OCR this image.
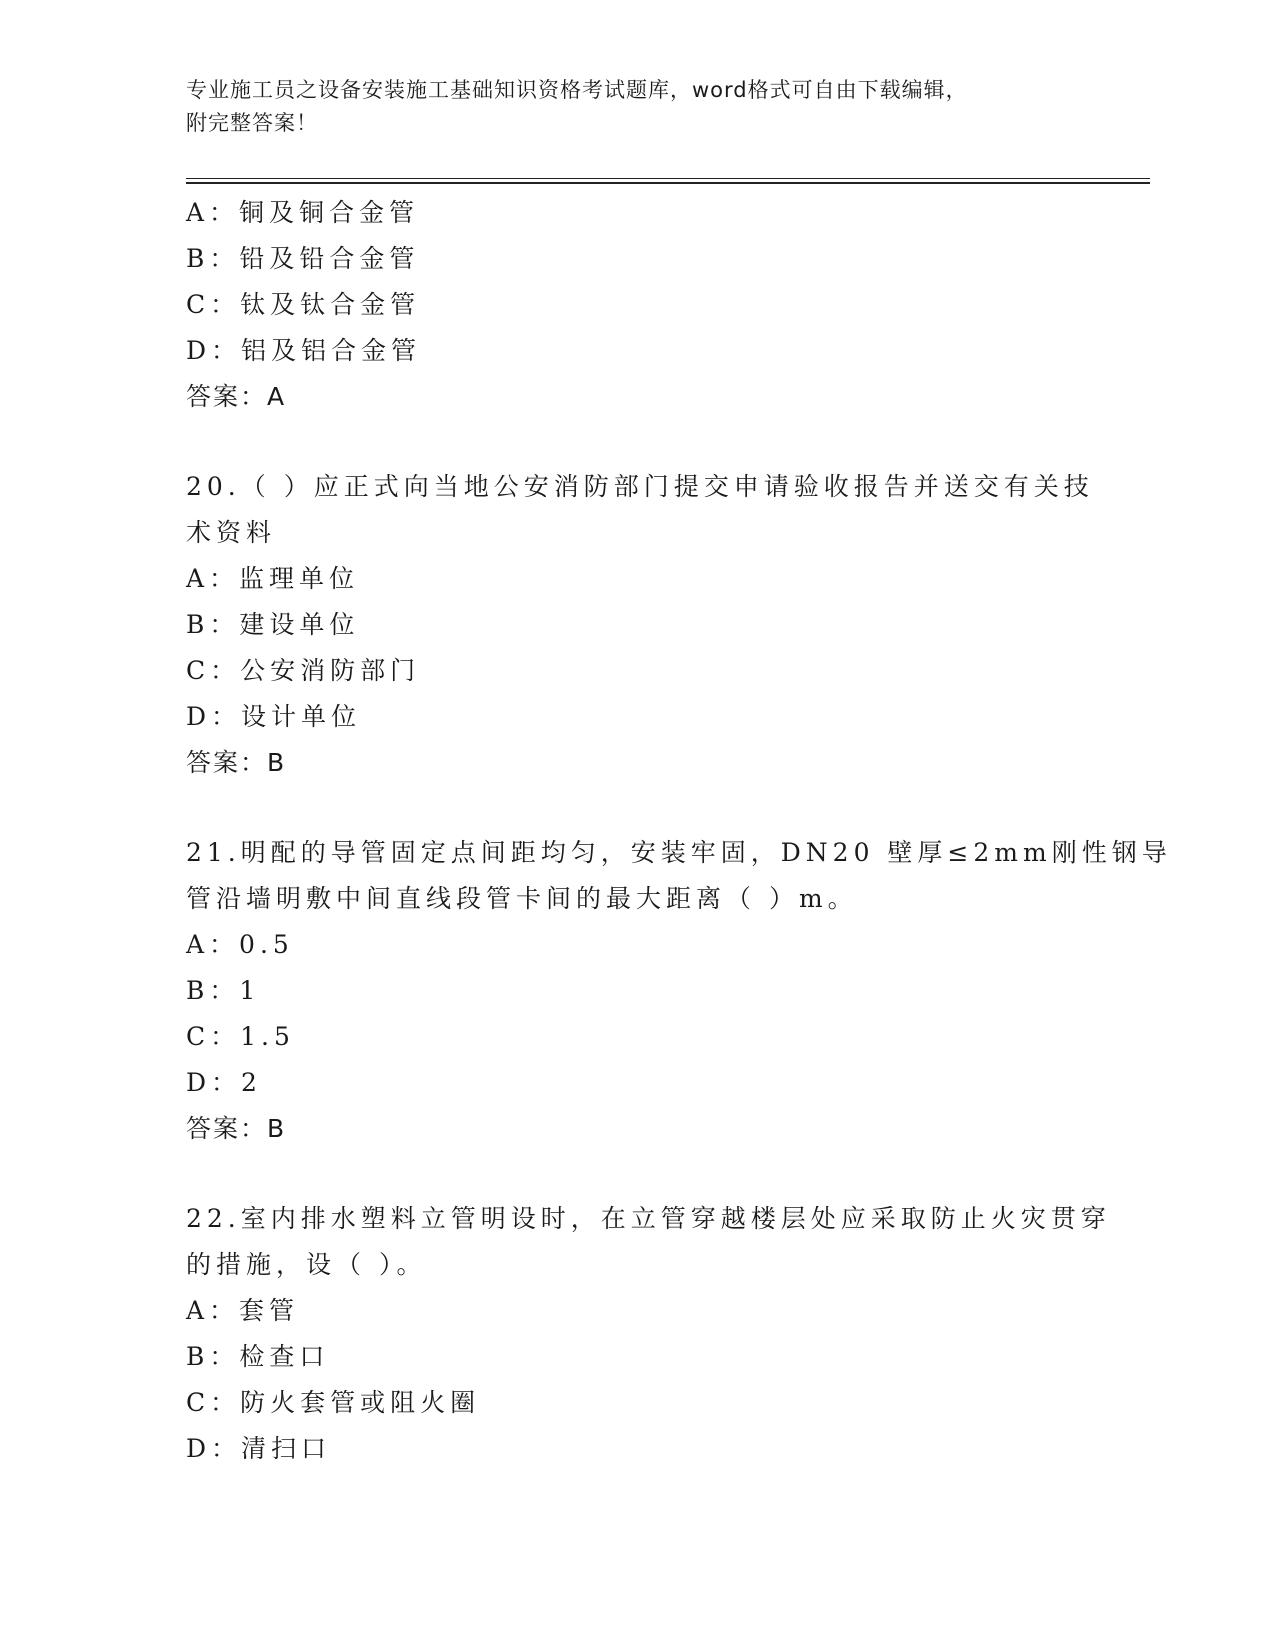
专业施工员之设备安装施工基础知识资格考试题库，word格式可自由下载编辑，
附完整答案！
A：铜及铜合金管
B：铅及铅合金管
C：钛及钛合金管
D：铝及铝合金管
答案：A
20.（ ）应正式向当地公安消防部门提交申请验收报告并送交有关技
术资料
A：监理单位
B：建设单位
C：公安消防部门
D：设计单位
答案：B
21.明配的导管固定点间距均匀，安装牢固，DN20 壁厚≤2mm刚性钢导
管沿墙明敷中间直线段管卡间的最大距离（ ）m。
A：0.5
B：1
C：1.5
D：2
答案：B
22.室内排水塑料立管明设时，在立管穿越楼层处应采取防止火灾贯穿
的措施，设（ ）。
A：套管
B：检查口
C：防火套管或阻火圈
D：清扫口
